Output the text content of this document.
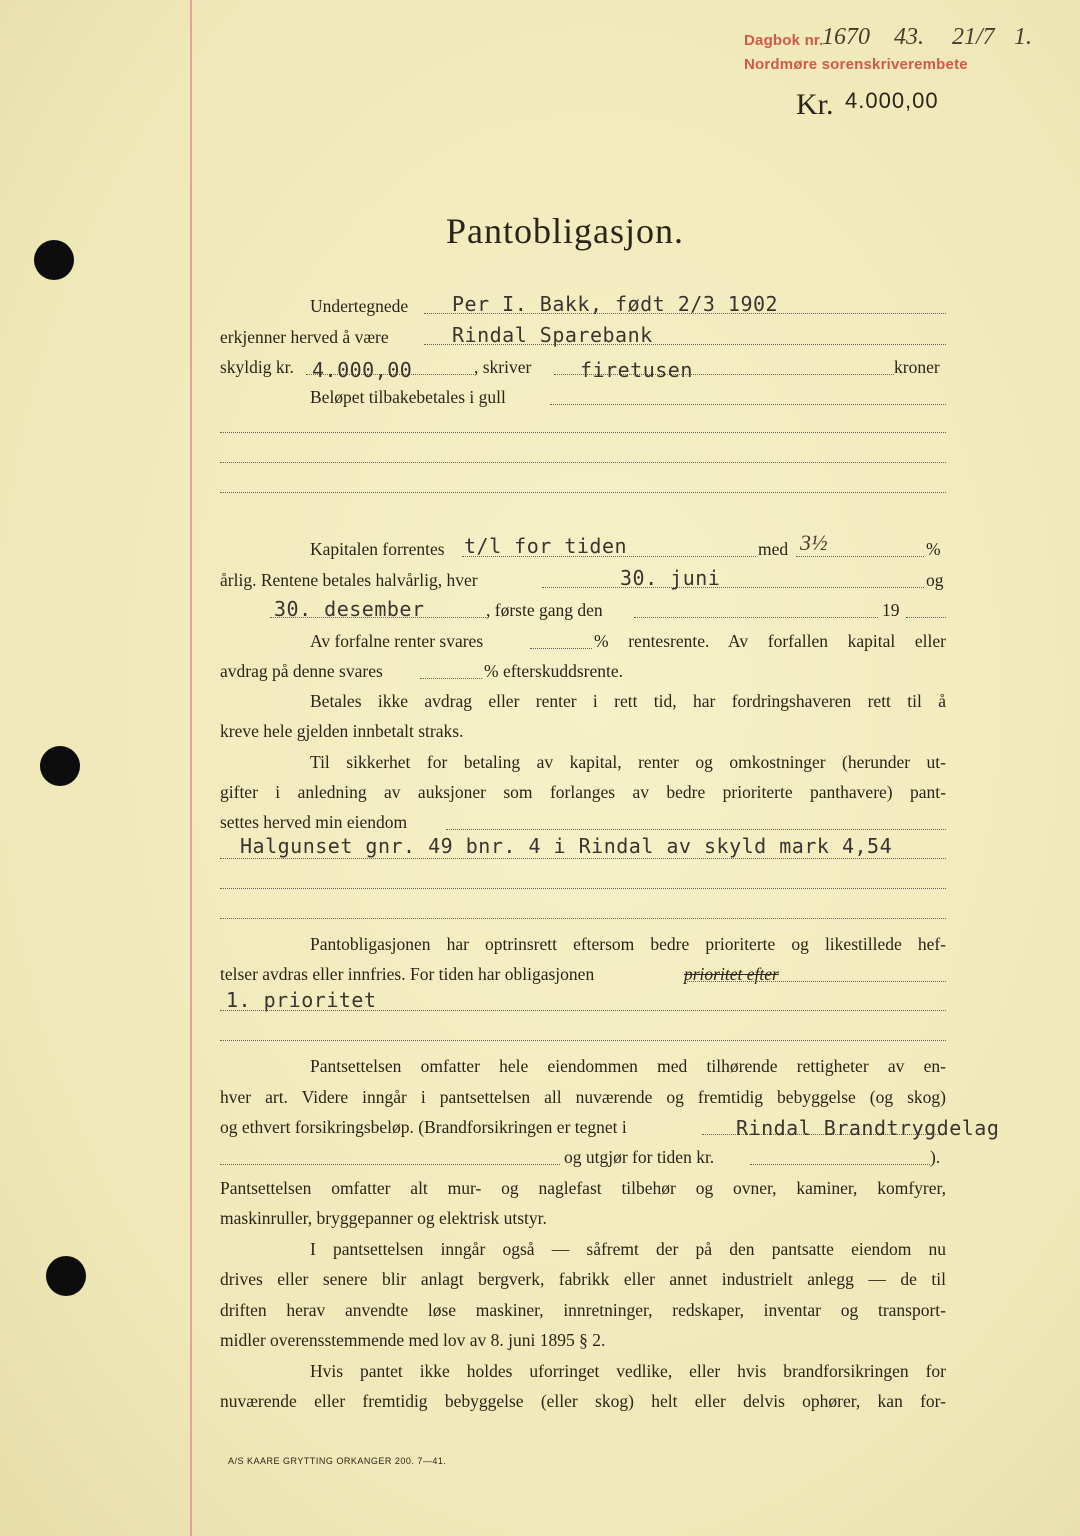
Dagbok nr.
1670 43. 21/7 1.
Nordmøre sorenskriverembete
Kr. 4.000,00
Pantobligasjon.
Undertegnede Per I. Bakk, født 2/3 1902
erkjenner herved å være	Rindal Sparebank
skyldig kr. 4.000,00	, skriver firetusen	kroner
Beløpet tilbakebetales i gull
Kapitalen forrentes t/l for tiden	med 3½	%
årlig. Rentene betales halvårlig, hver	30. juni	og
30. desember	, første gang den	19
Av forfalne renter svares	% rentesrente. Av forfallen kapital eller
avdrag på denne svares	% efterskuddsrente.
Betales ikke avdrag eller renter i rett tid, har fordringshaveren rett til å
kreve hele gjelden innbetalt straks.
Til sikkerhet for betaling av kapital, renter og omkostninger (herunder ut-
gifter i anledning av auksjoner som forlanges av bedre prioriterte panthavere) pant-
settes herved min eiendom
Halgunset gnr. 49 bnr. 4 i Rindal av skyld mark 4,54
Pantobligasjonen har optrinsrett eftersom bedre prioriterte og likestillede hef-
telser avdras eller innfries. For tiden har obligasjonen	prioritet efter
1. prioritet
Pantsettelsen omfatter hele eiendommen med tilhørende rettigheter av en-
hver art. Videre inngår i pantsettelsen all nuværende og fremtidig bebyggelse (og skog)
og ethvert forsikringsbeløp. (Brandforsikringen er tegnet i	Rindal Brandtrygdelag
og utgjør for tiden kr.	).
Pantsettelsen omfatter alt mur- og naglefast tilbehør og ovner, kaminer, komfyrer,
maskinruller, bryggepanner og elektrisk utstyr.
I pantsettelsen inngår også — såfremt der på den pantsatte eiendom nu
drives eller senere blir anlagt bergverk, fabrikk eller annet industrielt anlegg — de til
driften herav anvendte løse maskiner, innretninger, redskaper, inventar og transport-
midler overensstemmende med lov av 8. juni 1895 § 2.
Hvis pantet ikke holdes uforringet vedlike, eller hvis brandforsikringen for
nuværende eller fremtidig bebyggelse (eller skog) helt eller delvis ophører, kan for-
A/S KAARE GRYTTING ORKANGER 200. 7—41.
